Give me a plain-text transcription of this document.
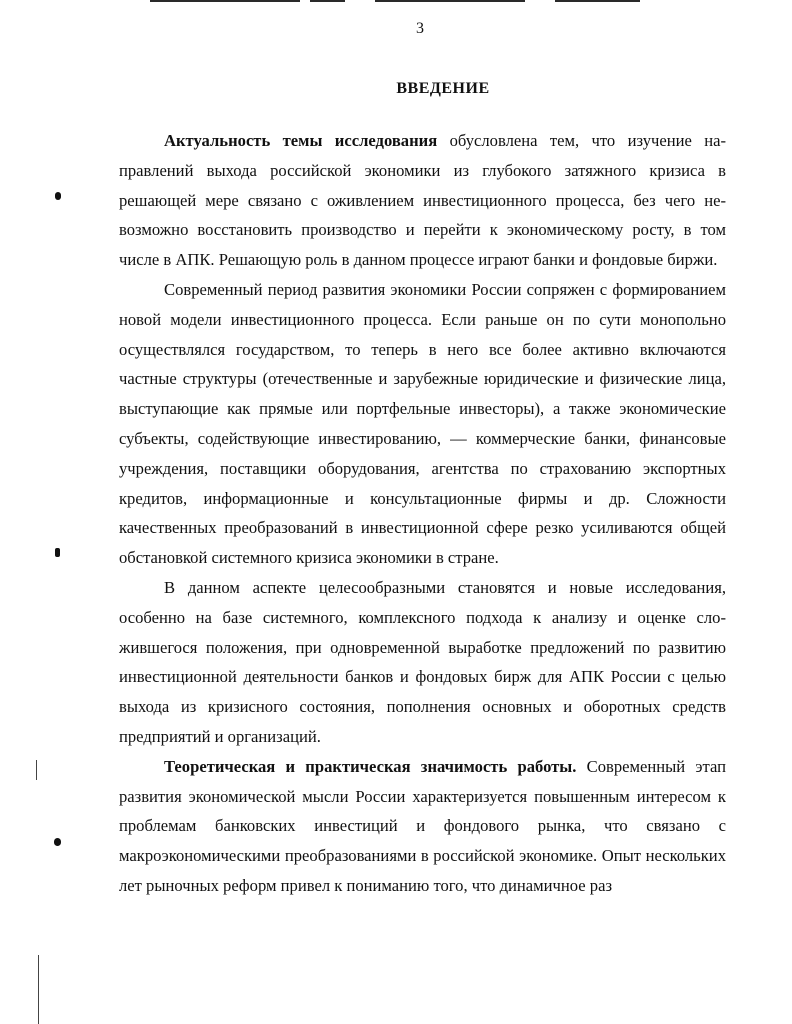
3
ВВЕДЕНИЕ

Актуальность темы исследования обусловлена тем, что изучение направлений выхода российской экономики из глубокого затяжного кризиса в решающей мере связано с оживлением инвестиционного процесса, без чего невозможно восстановить производство и перейти к экономическому росту, в том числе в АПК. Решающую роль в данном процессе играют банки и фондовые биржи.

Современный период развития экономики России сопряжен с формированием новой модели инвестиционного процесса. Если раньше он по сути монопольно осуществлялся государством, то теперь в него все более активно включаются частные структуры (отечественные и зарубежные юридические и физические лица, выступающие как прямые или портфельные инвесторы), а также экономические субъекты, содействующие инвестированию, — коммерческие банки, финансовые учреждения, поставщики оборудования, агентства по страхованию экспортных кредитов, информационные и консультационные фирмы и др. Сложности качественных преобразований в инвестиционной сфере резко усиливаются общей обстановкой системного кризиса экономики в стране.

В данном аспекте целесообразными становятся и новые исследования, особенно на базе системного, комплексного подхода к анализу и оценке сложившегося положения, при одновременной выработке предложений по развитию инвестиционной деятельности банков и фондовых бирж для АПК России с целью выхода из кризисного состояния, пополнения основных и оборотных средств предприятий и организаций.

Теоретическая и практическая значимость работы. Современный этап развития экономической мысли России характеризуется повышенным интересом к проблемам банковских инвестиций и фондового рынка, что связано с макроэкономическими преобразованиями в российской экономике. Опыт нескольких лет рыночных реформ привел к пониманию того, что динамичное раз
